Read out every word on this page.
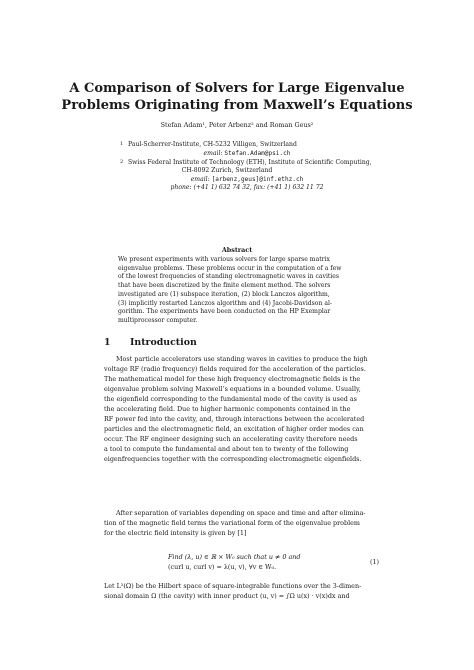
A Comparison of Solvers for Large Eigenvalue
Problems Originating from Maxwell’s Equations
Stefan Adam¹, Peter Arbenz² and Roman Geus²
1 Paul-Scherrer-Institute, CH-5232 Villigen, Switzerland
email: Stefan.Adam@psi.ch
2 Swiss Federal Institute of Technology (ETH), Institute of Scientific Computing,
CH-8092 Zurich, Switzerland
email: [arbenz,geus]@inf.ethz.ch
phone: (+41 1) 632 74 32, fax: (+41 1) 632 11 72
Abstract
We present experiments with various solvers for large sparse matrix
eigenvalue problems. These problems occur in the computation of a few
of the lowest frequencies of standing electromagnetic waves in cavities
that have been discretized by the finite element method. The solvers
investigated are (1) subspace iteration, (2) block Lanczos algorithm,
(3) implicitly restarted Lanczos algorithm and (4) Jacobi-Davidson al-
gorithm. The experiments have been conducted on the HP Exemplar
multiprocessor computer.
1 Introduction
Most particle accelerators use standing waves in cavities to produce the high
voltage RF (radio frequency) fields required for the acceleration of the particles.
The mathematical model for these high frequency electromagnetic fields is the
eigenvalue problem solving Maxwell’s equations in a bounded volume. Usually,
the eigenfield corresponding to the fundamental mode of the cavity is used as
the accelerating field. Due to higher harmonic components contained in the
RF power fed into the cavity, and, through interactions between the accelerated
particles and the electromagnetic field, an excitation of higher order modes can
occur. The RF engineer designing such an accelerating cavity therefore needs
a tool to compute the fundamental and about ten to twenty of the following
eigenfrequencies together with the corresponding electromagnetic eigenfields.
After separation of variables depending on space and time and after elimina-
tion of the magnetic field terms the variational form of the eigenvalue problem
for the electric field intensity is given by [1]
Find (λ, u) ∈ ℝ × W₀ such that u ≠ 0 and
(curl u, curl v) = λ(u, v), ∀v ∈ W₀.
(1)
Let L²(Ω) be the Hilbert space of square-integrable functions over the 3-dimen-
sional domain Ω (the cavity) with inner product (u, v) = ∫Ω u(x) · v(x)dx and
